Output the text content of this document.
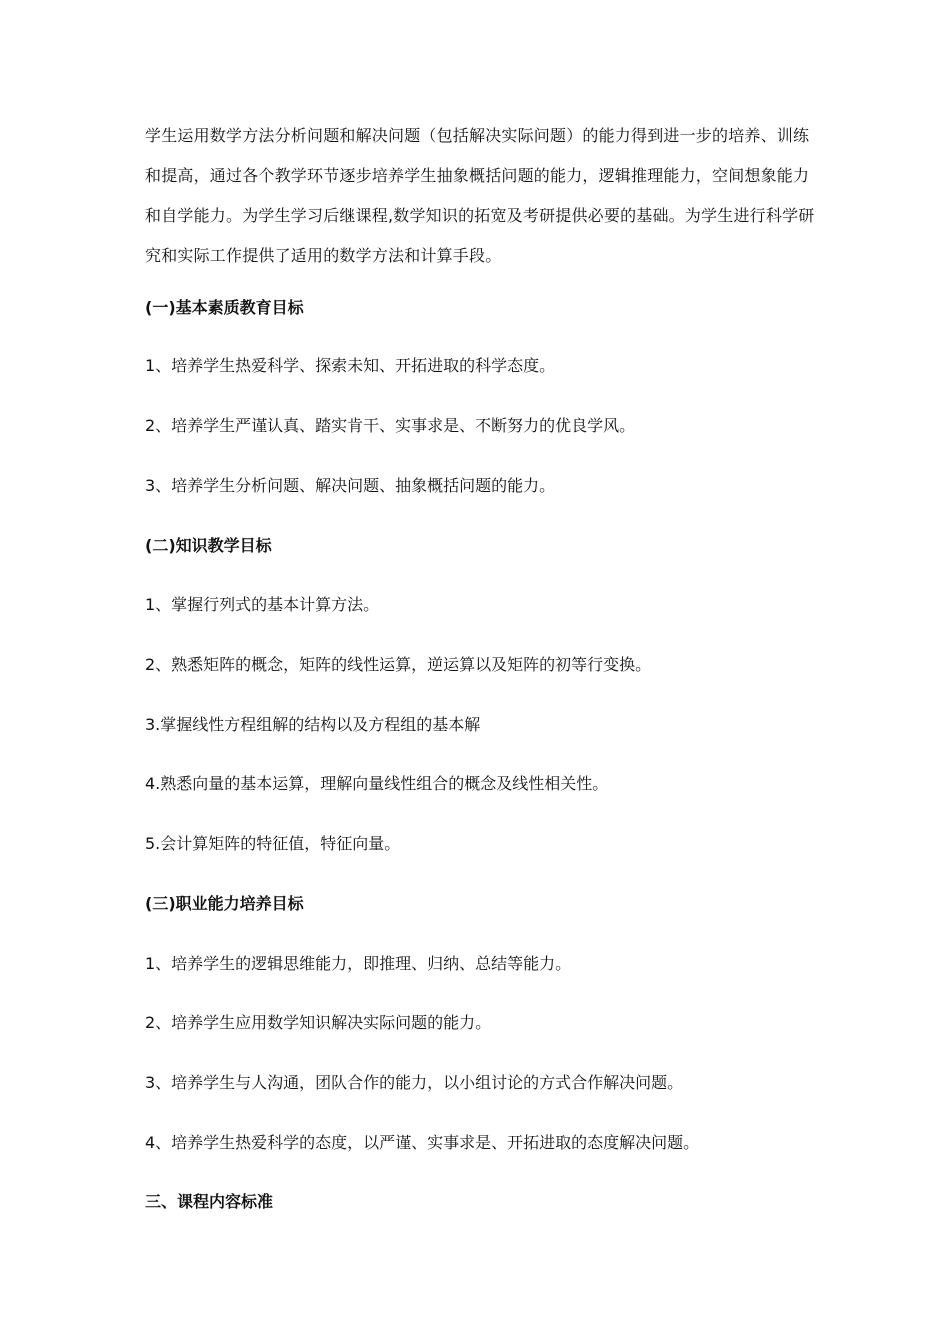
学生运用数学方法分析问题和解决问题（包括解决实际问题）的能力得到进一步的培养、训练和提高，通过各个教学环节逐步培养学生抽象概括问题的能力，逻辑推理能力，空间想象能力和自学能力。为学生学习后继课程,数学知识的拓宽及考研提供必要的基础。为学生进行科学研究和实际工作提供了适用的数学方法和计算手段。

(一)基本素质教育目标
1、培养学生热爱科学、探索未知、开拓进取的科学态度。
2、培养学生严谨认真、踏实肯干、实事求是、不断努力的优良学风。
3、培养学生分析问题、解决问题、抽象概括问题的能力。
(二)知识教学目标
1、掌握行列式的基本计算方法。
2、熟悉矩阵的概念，矩阵的线性运算，逆运算以及矩阵的初等行变换。
3.掌握线性方程组解的结构以及方程组的基本解
4.熟悉向量的基本运算，理解向量线性组合的概念及线性相关性。
5.会计算矩阵的特征值，特征向量。
(三)职业能力培养目标
1、培养学生的逻辑思维能力，即推理、归纳、总结等能力。
2、培养学生应用数学知识解决实际问题的能力。
3、培养学生与人沟通，团队合作的能力，以小组讨论的方式合作解决问题。
4、培养学生热爱科学的态度，以严谨、实事求是、开拓进取的态度解决问题。
三、课程内容标准
